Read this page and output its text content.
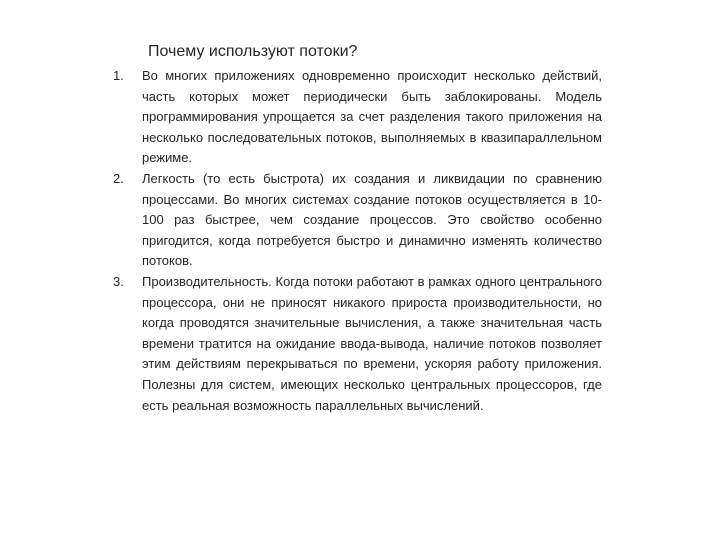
Почему используют потоки?
1. Во многих приложениях одновременно происходит несколько действий, часть которых может периодически быть заблокированы. Модель программирования упрощается за счет разделения такого приложения на несколько последовательных потоков, выполняемых в квазипараллельном режиме.
2. Легкость (то есть быстрота) их создания и ликвидации по сравнению процессами. Во многих системах создание потоков осуществляется в 10-100 раз быстрее, чем создание процессов. Это свойство особенно пригодится, когда потребуется быстро и динамично изменять количество потоков.
3. Производительность. Когда потоки работают в рамках одного центрального процессора, они не приносят никакого прироста производительности, но когда проводятся значительные вычисления, а также значительная часть времени тратится на ожидание ввода-вывода, наличие потоков позволяет этим действиям перекрываться по времени, ускоряя работу приложения. Полезны для систем, имеющих несколько центральных процессоров, где есть реальная возможность параллельных вычислений.
